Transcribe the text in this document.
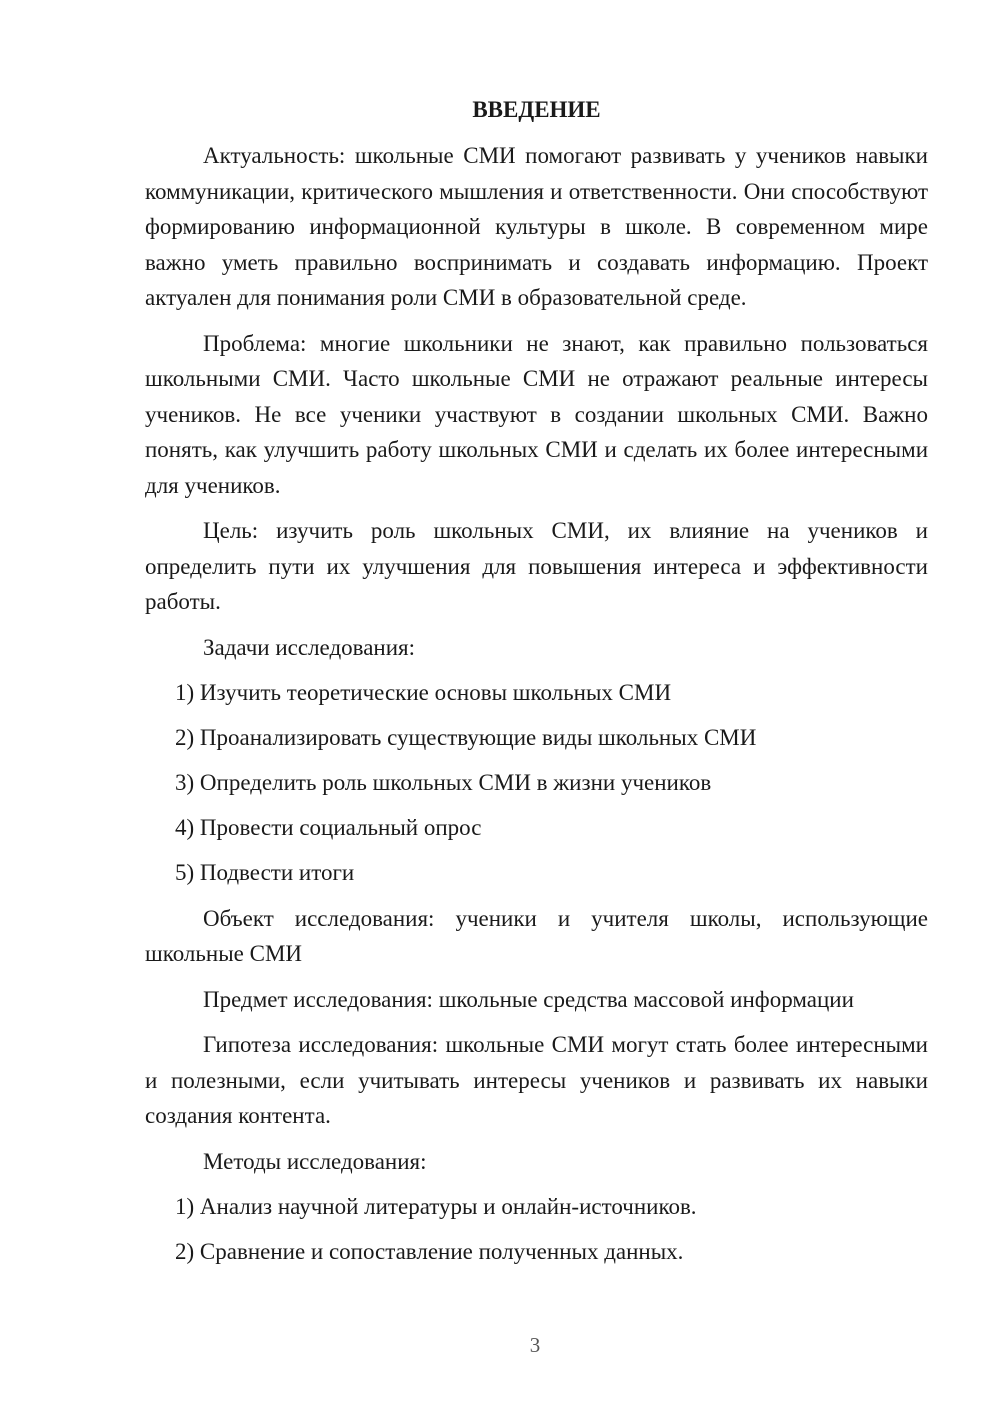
ВВЕДЕНИЕ

Актуальность: школьные СМИ помогают развивать у учеников навыки коммуникации, критического мышления и ответственности. Они способствуют формированию информационной культуры в школе. В современном мире важно уметь правильно воспринимать и создавать информацию. Проект актуален для понимания роли СМИ в образовательной среде.

Проблема: многие школьники не знают, как правильно пользоваться школьными СМИ. Часто школьные СМИ не отражают реальные интересы учеников. Не все ученики участвуют в создании школьных СМИ. Важно понять, как улучшить работу школьных СМИ и сделать их более интересными для учеников.

Цель: изучить роль школьных СМИ, их влияние на учеников и определить пути их улучшения для повышения интереса и эффективности работы.

Задачи исследования:
1) Изучить теоретические основы школьных СМИ
2) Проанализировать существующие виды школьных СМИ
3) Определить роль школьных СМИ в жизни учеников
4) Провести социальный опрос
5) Подвести итоги

Объект исследования: ученики и учителя школы, использующие школьные СМИ

Предмет исследования: школьные средства массовой информации

Гипотеза исследования: школьные СМИ могут стать более интересными и полезными, если учитывать интересы учеников и развивать их навыки создания контента.

Методы исследования:
1) Анализ научной литературы и онлайн-источников.
2) Сравнение и сопоставление полученных данных.
3
